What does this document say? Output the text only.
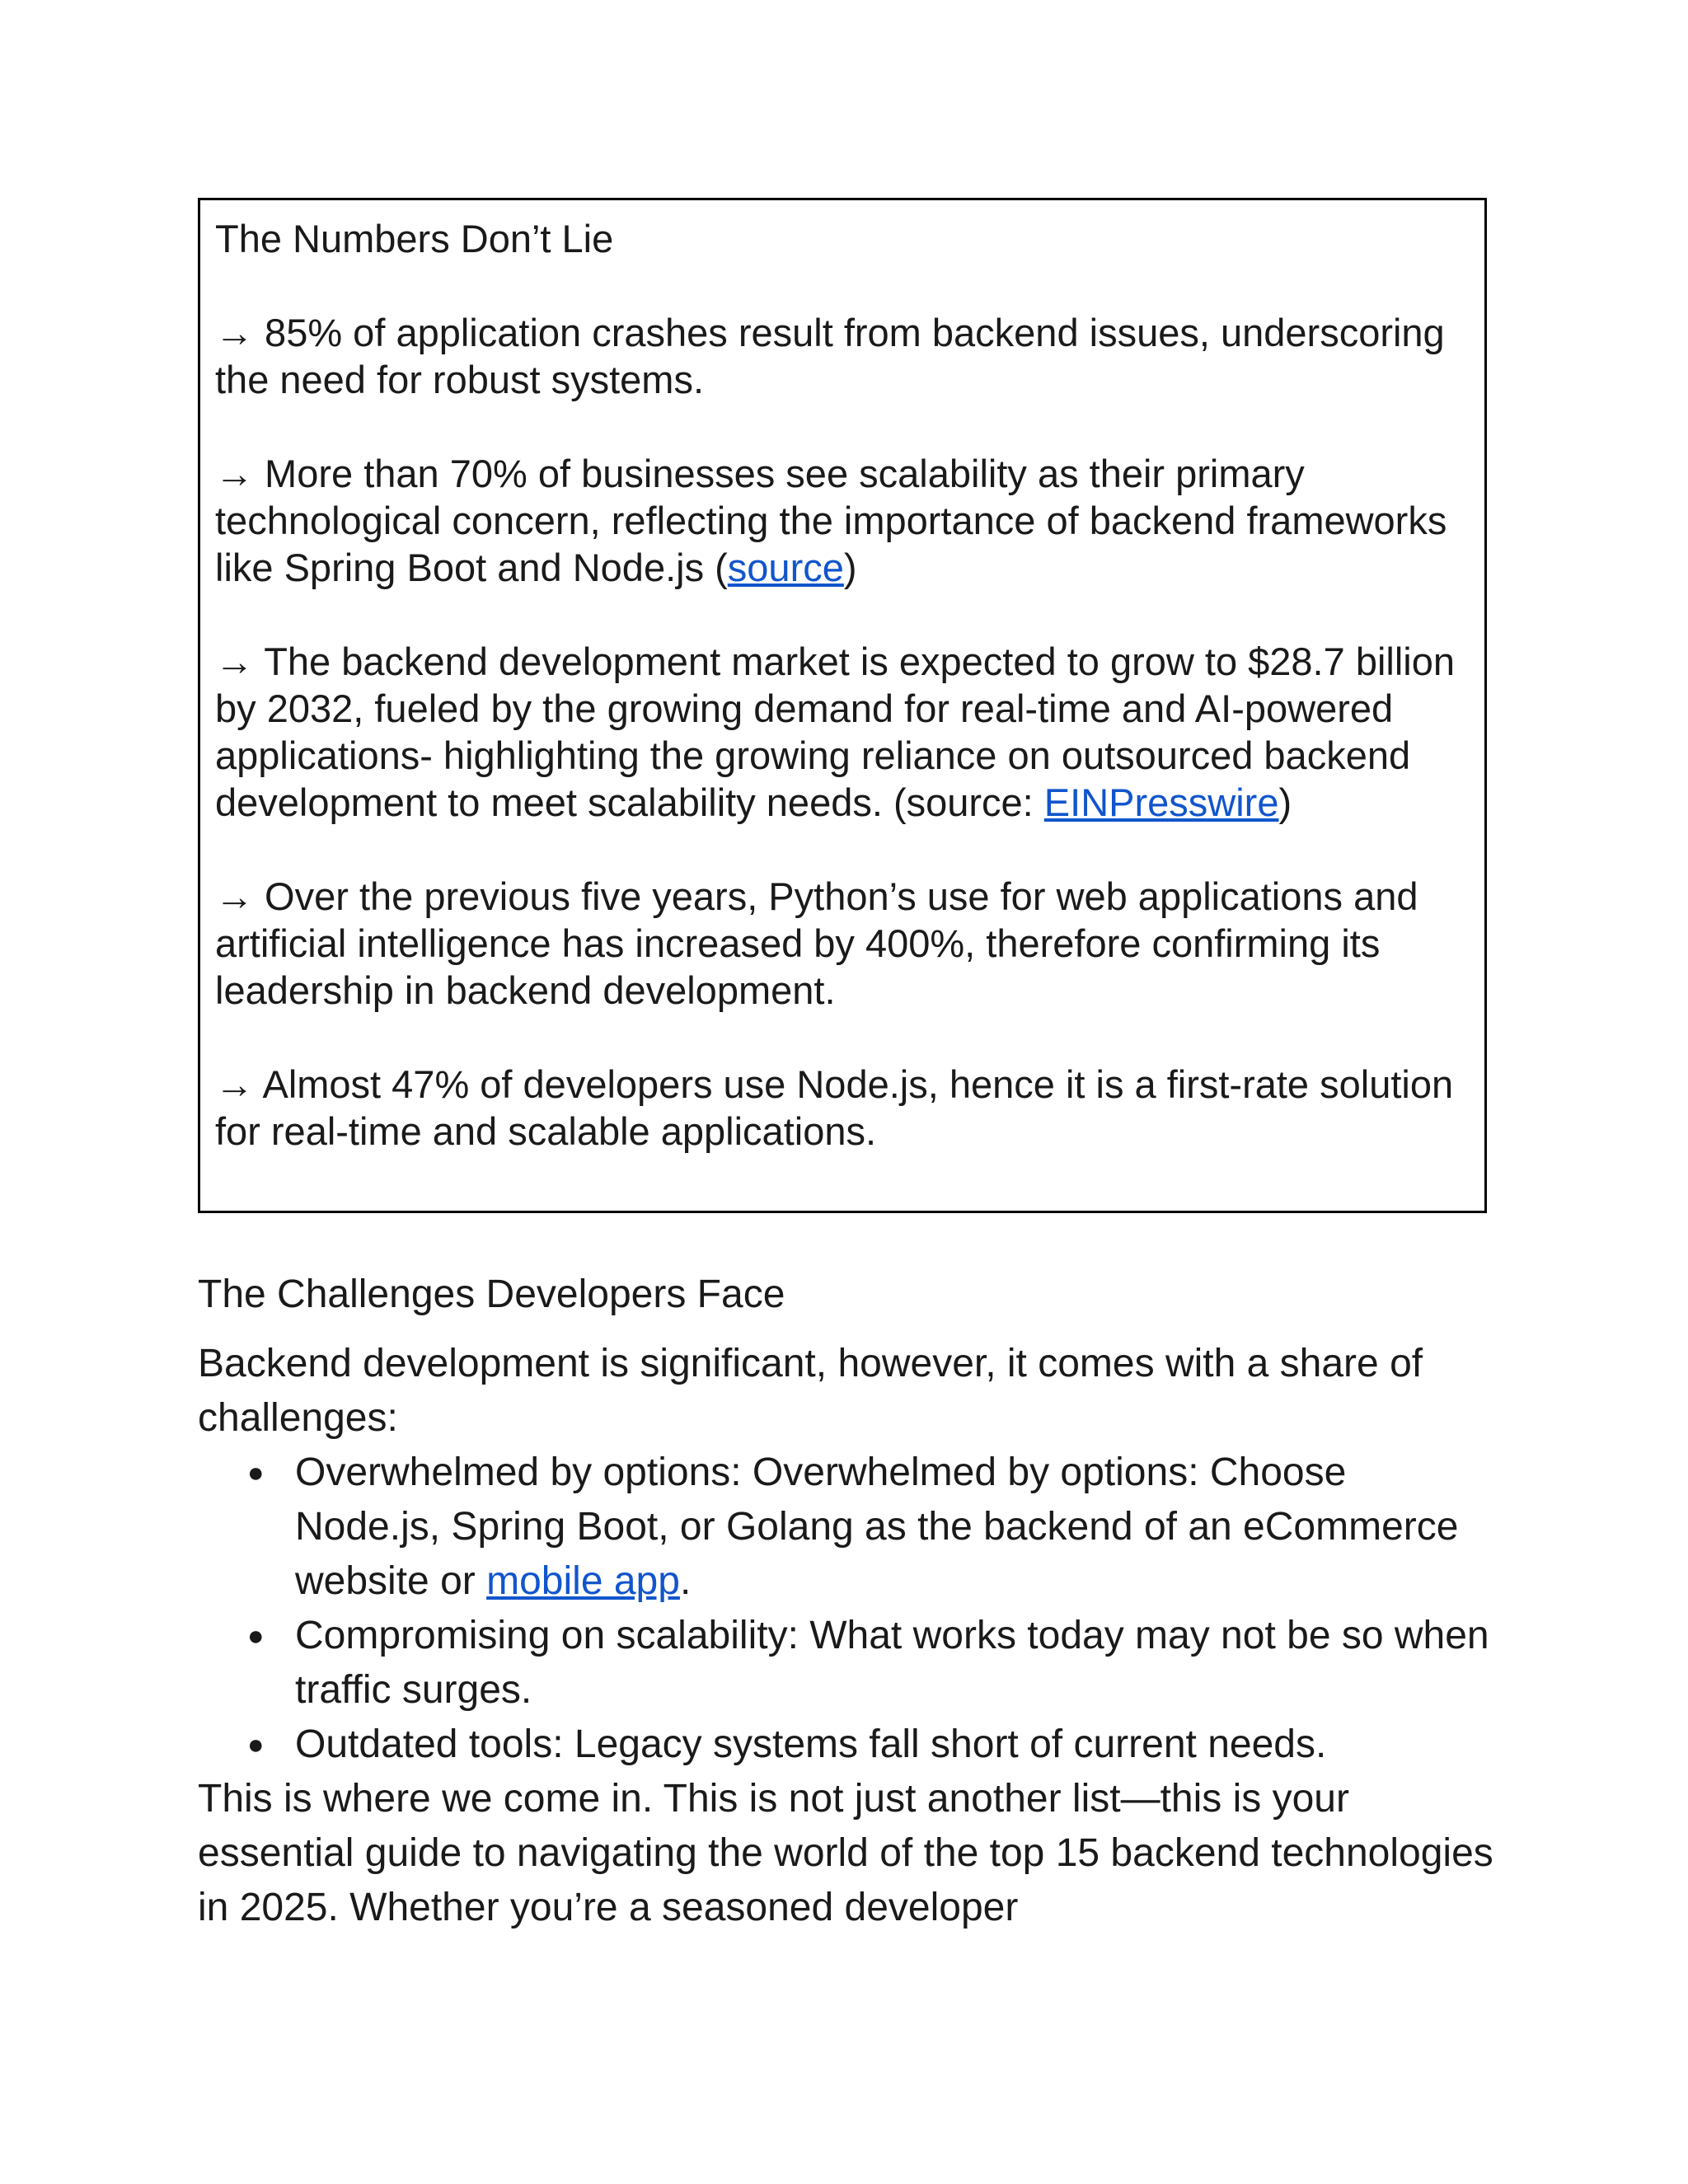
The Numbers Don’t Lie

→ 85% of application crashes result from backend issues, underscoring the need for robust systems.

→ More than 70% of businesses see scalability as their primary technological concern, reflecting the importance of backend frameworks like Spring Boot and Node.js (source)

→ The backend development market is expected to grow to $28.7 billion by 2032, fueled by the growing demand for real-time and AI-powered applications- highlighting the growing reliance on outsourced backend development to meet scalability needs. (source: EINPresswire)

→ Over the previous five years, Python’s use for web applications and artificial intelligence has increased by 400%, therefore confirming its leadership in backend development.

→ Almost 47% of developers use Node.js, hence it is a first-rate solution for real-time and scalable applications.

The Challenges Developers Face

Backend development is significant, however, it comes with a share of challenges:

● Overwhelmed by options: Overwhelmed by options: Choose Node.js, Spring Boot, or Golang as the backend of an eCommerce website or mobile app.
● Compromising on scalability: What works today may not be so when traffic surges.
● Outdated tools: Legacy systems fall short of current needs.

This is where we come in. This is not just another list—this is your essential guide to navigating the world of the top 15 backend technologies in 2025. Whether you’re a seasoned developer
